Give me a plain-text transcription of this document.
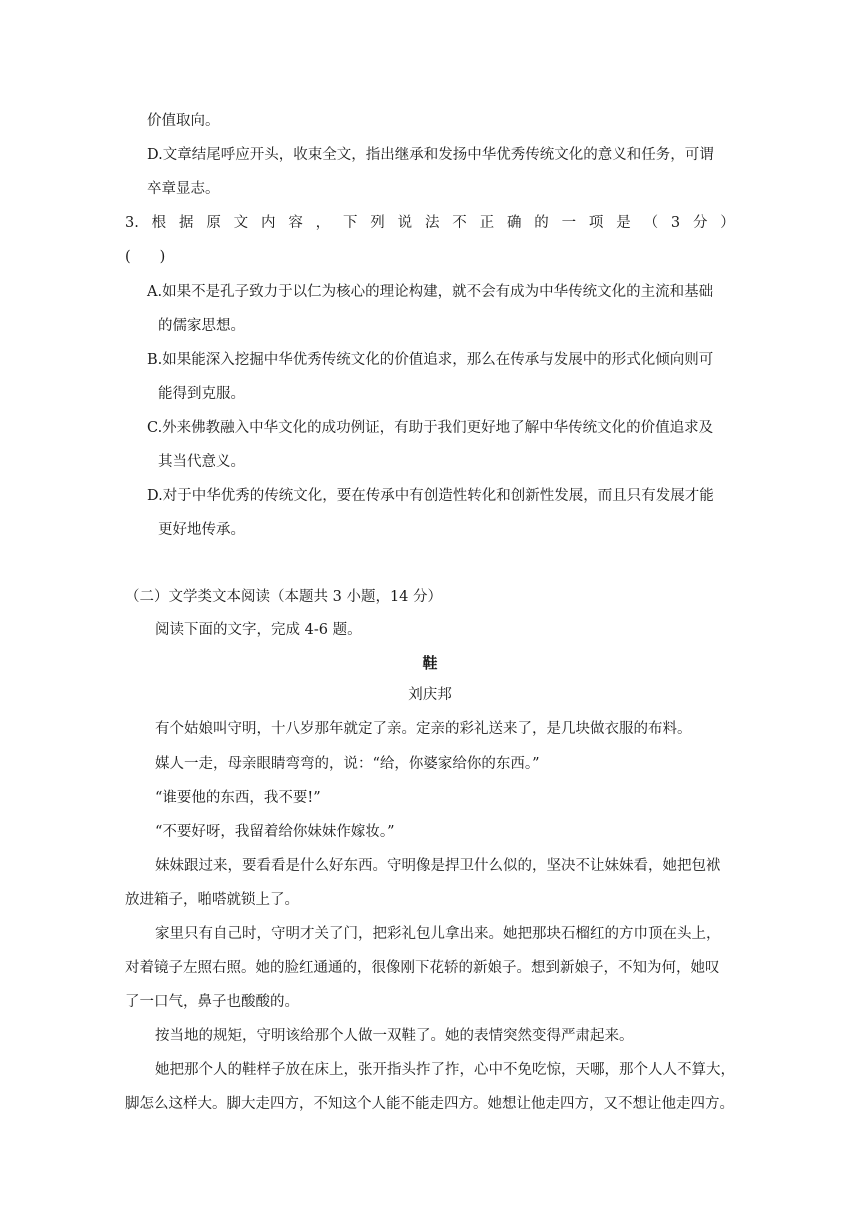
价值取向。
D.文章结尾呼应开头，收束全文，指出继承和发扬中华优秀传统文化的意义和任务，可谓
卒章显志。
3. 根 据 原 文 内 容 ， 下 列 说 法 不 正 确 的 一 项 是 （ 3 分 ）
(　　)
A.如果不是孔子致力于以仁为核心的理论构建，就不会有成为中华传统文化的主流和基础
的儒家思想。
B.如果能深入挖掘中华优秀传统文化的价值追求，那么在传承与发展中的形式化倾向则可
能得到克服。
C.外来佛教融入中华文化的成功例证，有助于我们更好地了解中华传统文化的价值追求及
其当代意义。
D.对于中华优秀的传统文化，要在传承中有创造性转化和创新性发展，而且只有发展才能
更好地传承。
（二）文学类文本阅读（本题共 3 小题，14 分）
阅读下面的文字，完成 4-6 题。
鞋
刘庆邦
有个姑娘叫守明，十八岁那年就定了亲。定亲的彩礼送来了，是几块做衣服的布料。
媒人一走，母亲眼睛弯弯的，说：“给，你婆家给你的东西。”
“谁要他的东西，我不要!”
“不要好呀，我留着给你妹妹作嫁妆。”
妹妹跟过来，要看看是什么好东西。守明像是捍卫什么似的，坚决不让妹妹看，她把包袱
放进箱子，啪嗒就锁上了。
家里只有自己时，守明才关了门，把彩礼包儿拿出来。她把那块石榴红的方巾顶在头上，
对着镜子左照右照。她的脸红通通的，很像刚下花轿的新娘子。想到新娘子，不知为何，她叹
了一口气，鼻子也酸酸的。
按当地的规矩，守明该给那个人做一双鞋了。她的表情突然变得严肃起来。
她把那个人的鞋样子放在床上，张开指头拃了拃，心中不免吃惊，天哪，那个人人不算大，
脚怎么这样大。脚大走四方，不知这个人能不能走四方。她想让他走四方，又不想让他走四方。
